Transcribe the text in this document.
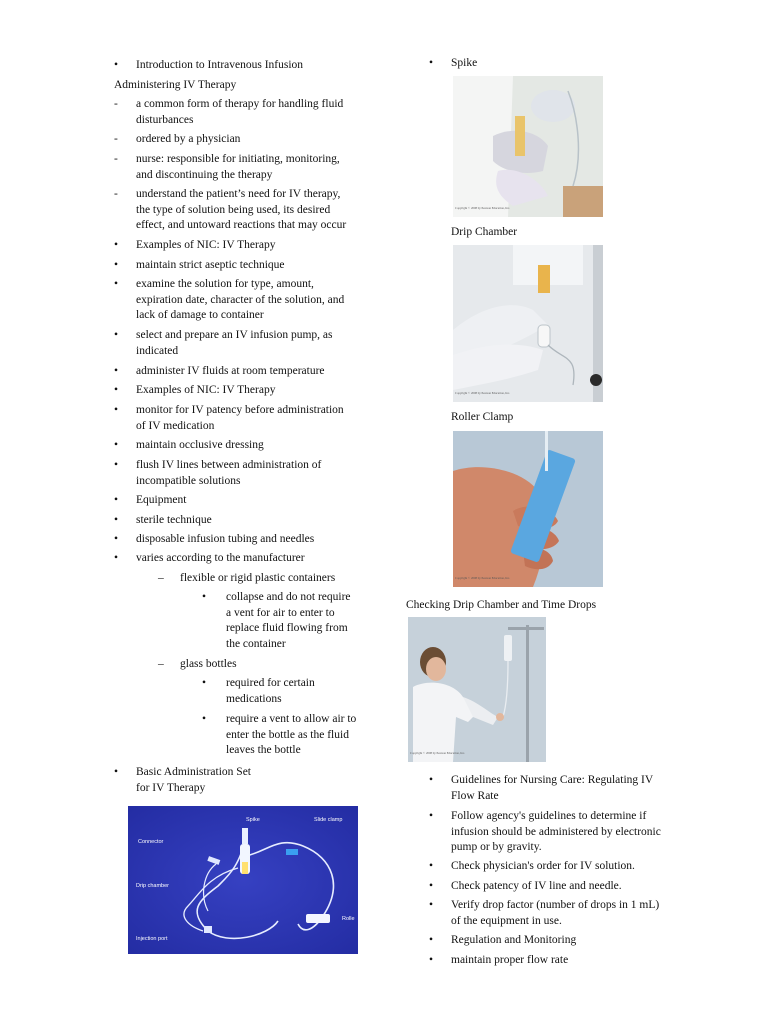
•	Introduction to Intravenous Infusion
Administering IV Therapy
-	a common form of therapy for handling fluid
disturbances
-	ordered by a physician
-	nurse: responsible for initiating, monitoring,
and discontinuing the therapy
-	understand the patient’s need for IV therapy,
the type of solution being used, its desired
effect, and untoward reactions that may occur
•	Examples of NIC: IV Therapy
•	maintain strict aseptic technique
•	examine the solution for type, amount,
expiration date, character of the solution, and
lack of damage to container
•	select and prepare an IV infusion pump, as
indicated
•	administer IV fluids at room temperature
•	Examples of NIC: IV Therapy
•	monitor for IV patency before administration
of IV medication
•	maintain occlusive dressing
•	flush IV lines between administration of
incompatible solutions
•	Equipment
•	sterile technique
•	disposable infusion tubing and needles
•	varies according to the manufacturer
–	flexible or rigid plastic containers
•	collapse and do not require
a vent for air to enter to
replace fluid flowing from
the container
–	glass bottles
•	required for certain
medications
•	require a vent to allow air to
enter the bottle as the fluid
leaves the bottle
•	Basic Administration Set
for IV Therapy
Connector
Spike	Slide clamp
Drip chamber
Injection port
Rolle
•	Spike
Copyright © 2008 by Pearson Education, Inc.
Drip Chamber
Copyright © 2008 by Pearson Education, Inc.
Roller Clamp
Copyright © 2008 by Pearson Education, Inc.
Checking Drip Chamber and Time Drops
Copyright © 2008 by Pearson Education, Inc.
•	Guidelines for Nursing Care: Regulating IV
Flow Rate
•	Follow agency's guidelines to determine if
infusion should be administered by electronic
pump or by gravity.
•	Check physician's order for IV solution.
•	Check patency of IV line and needle.
•	Verify drop factor (number of drops in 1 mL)
of the equipment in use.
•	Regulation and Monitoring
•	maintain proper flow rate
